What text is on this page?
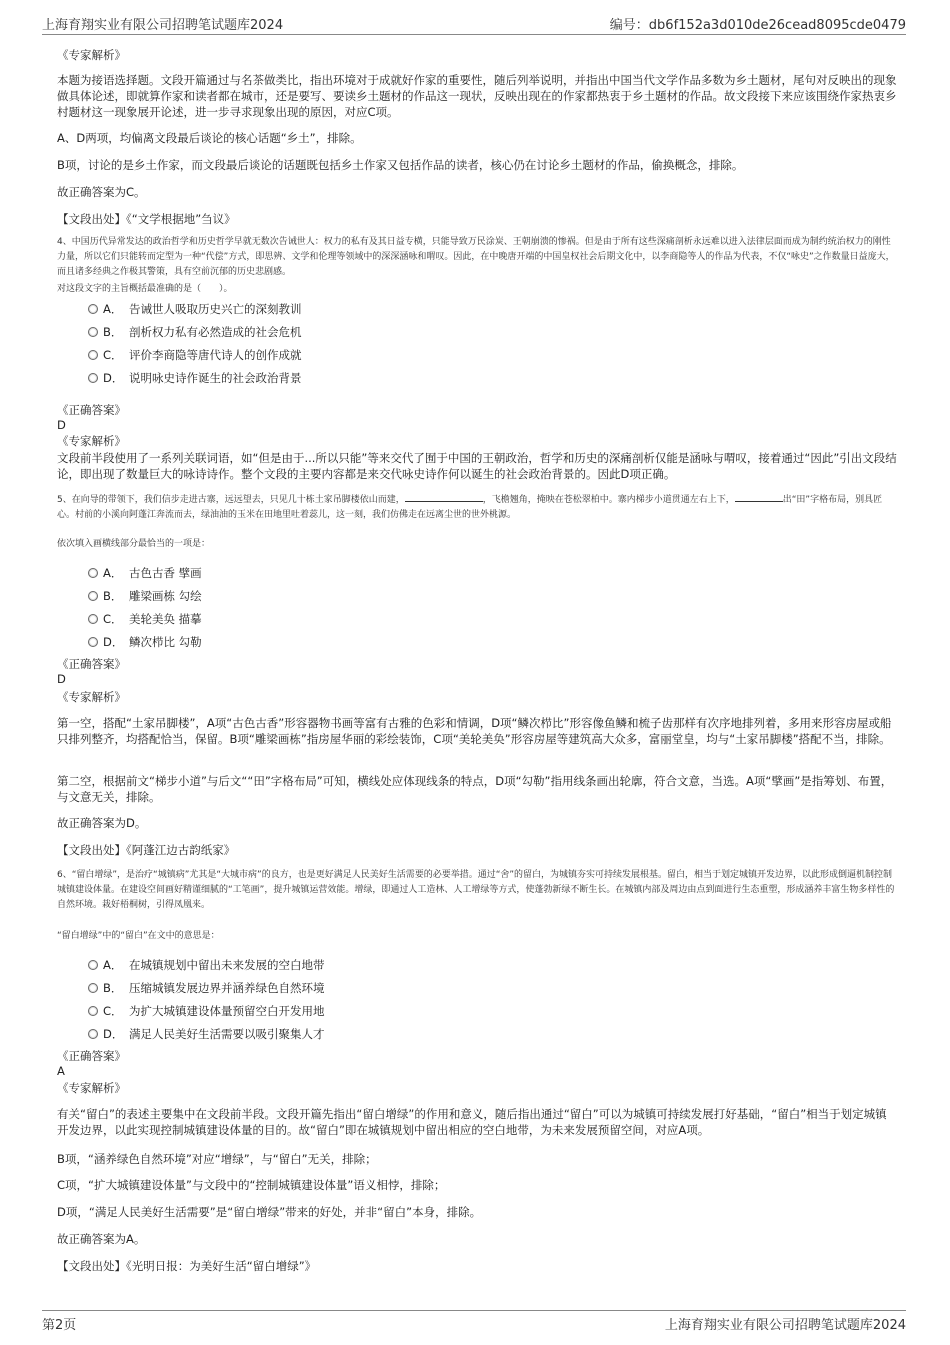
上海育翔实业有限公司招聘笔试题库2024	编号：db6f152a3d010de26cead8095cde0479
《专家解析》
本题为接语选择题。文段开篇通过与名茶做类比，指出环境对于成就好作家的重要性，随后列举说明，并指出中国当代文学作品多数为乡土题材，尾句对反映出的现象做具体论述，即就算作家和读者都在城市，还是要写、要读乡土题材的作品这一现状，反映出现在的作家都热衷于乡土题材的作品。故文段接下来应该围绕作家热衷乡村题材这一现象展开论述，进一步寻求现象出现的原因，对应C项。
A、D两项，均偏离文段最后谈论的核心话题“乡土”，排除。
B项，讨论的是乡土作家，而文段最后谈论的话题既包括乡土作家又包括作品的读者，核心仍在讨论乡土题材的作品，偷换概念，排除。
故正确答案为C。
【文段出处】《“文学根据地”刍议》
4、中国历代异常发达的政治哲学和历史哲学早就无数次告诫世人：权力的私有及其日益专横，只能导致万民涂炭、王朝崩溃的惨祸。但是由于所有这些深痛剖析永远难以进入法律层面而成为制约统治权力的刚性力量，所以它们只能转而定型为一种“代偿”方式，即思辨、文学和伦理等领域中的深深涵咏和喟叹。因此，在中晚唐开端的中国皇权社会后期文化中，以李商隐等人的作品为代表，不仅“咏史”之作数量日益庞大，而且诸多经典之作极其警策，具有空前沉郁的历史悲剧感。
对这段文字的主旨概括最准确的是（　　）。
A． 告诫世人吸取历史兴亡的深刻教训
B． 剖析权力私有必然造成的社会危机
C． 评价李商隐等唐代诗人的创作成就
D． 说明咏史诗作诞生的社会政治背景
《正确答案》
D
《专家解析》
文段前半段使用了一系列关联词语，如“但是由于...所以只能”等来交代了囿于中国的王朝政治，哲学和历史的深痛剖析仅能是涵咏与喟叹，接着通过“因此”引出文段结论，即出现了数量巨大的咏诗诗作。整个文段的主要内容都是来交代咏史诗作何以诞生的社会政治背景的。因此D项正确。
5、在向导的带领下，我们信步走进古寨，远远望去，只见几十栋土家吊脚楼依山而建，	，飞檐翘角，掩映在苍松翠柏中。寨内梯步小道贯通左右上下，	出“田”字格布局，别具匠心。村前的小溪向阿蓬江奔流而去，绿油油的玉米在田地里吐着蕊儿，这一刻，我们仿佛走在远离尘世的世外桃源。
依次填入画横线部分最恰当的一项是：
A． 古色古香 擘画
B． 雕梁画栋 勾绘
C． 美轮美奂 描摹
D． 鳞次栉比 勾勒
《正确答案》
D
《专家解析》
第一空，搭配“土家吊脚楼”，A项“古色古香”形容器物书画等富有古雅的色彩和情调，D项“鳞次栉比”形容像鱼鳞和梳子齿那样有次序地排列着，多用来形容房屋或船只排列整齐，均搭配恰当，保留。B项“雕梁画栋”指房屋华丽的彩绘装饰，C项“美轮美奂”形容房屋等建筑高大众多，富丽堂皇，均与“土家吊脚楼”搭配不当，排除。
第二空，根据前文“梯步小道”与后文““田”字格布局”可知，横线处应体现线条的特点，D项“勾勒”指用线条画出轮廓，符合文意，当选。A项“擘画”是指筹划、布置，与文意无关，排除。
故正确答案为D。
【文段出处】《阿蓬江边古韵纸家》
6、“留白增绿”，是治疗“城镇病”尤其是“大城市病”的良方，也是更好满足人民美好生活需要的必要举措。通过“舍”的留白，为城镇夯实可持续发展根基。留白，相当于划定城镇开发边界，以此形成倒逼机制控制城镇建设体量。在建设空间画好精谨细腻的“工笔画”，提升城镇运营效能。增绿，即通过人工造林、人工增绿等方式，使蓬勃新绿不断生长。在城镇内部及周边由点到面进行生态重塑，形成涵养丰富生物多样性的自然环境。栽好梧桐树，引得凤凰来。
“留白增绿”中的“留白”在文中的意思是：
A． 在城镇规划中留出未来发展的空白地带
B． 压缩城镇发展边界并涵养绿色自然环境
C． 为扩大城镇建设体量预留空白开发用地
D． 满足人民美好生活需要以吸引聚集人才
《正确答案》
A
《专家解析》
有关“留白”的表述主要集中在文段前半段。文段开篇先指出“留白增绿”的作用和意义，随后指出通过“留白”可以为城镇可持续发展打好基础，“留白”相当于划定城镇开发边界，以此实现控制城镇建设体量的目的。故“留白”即在城镇规划中留出相应的空白地带，为未来发展预留空间，对应A项。
B项，“涵养绿色自然环境”对应“增绿”，与“留白”无关，排除；
C项，“扩大城镇建设体量”与文段中的“控制城镇建设体量”语义相悖，排除；
D项，“满足人民美好生活需要”是“留白增绿”带来的好处，并非“留白”本身，排除。
故正确答案为A。
【文段出处】《光明日报：为美好生活“留白增绿”》
第2页	上海育翔实业有限公司招聘笔试题库2024
